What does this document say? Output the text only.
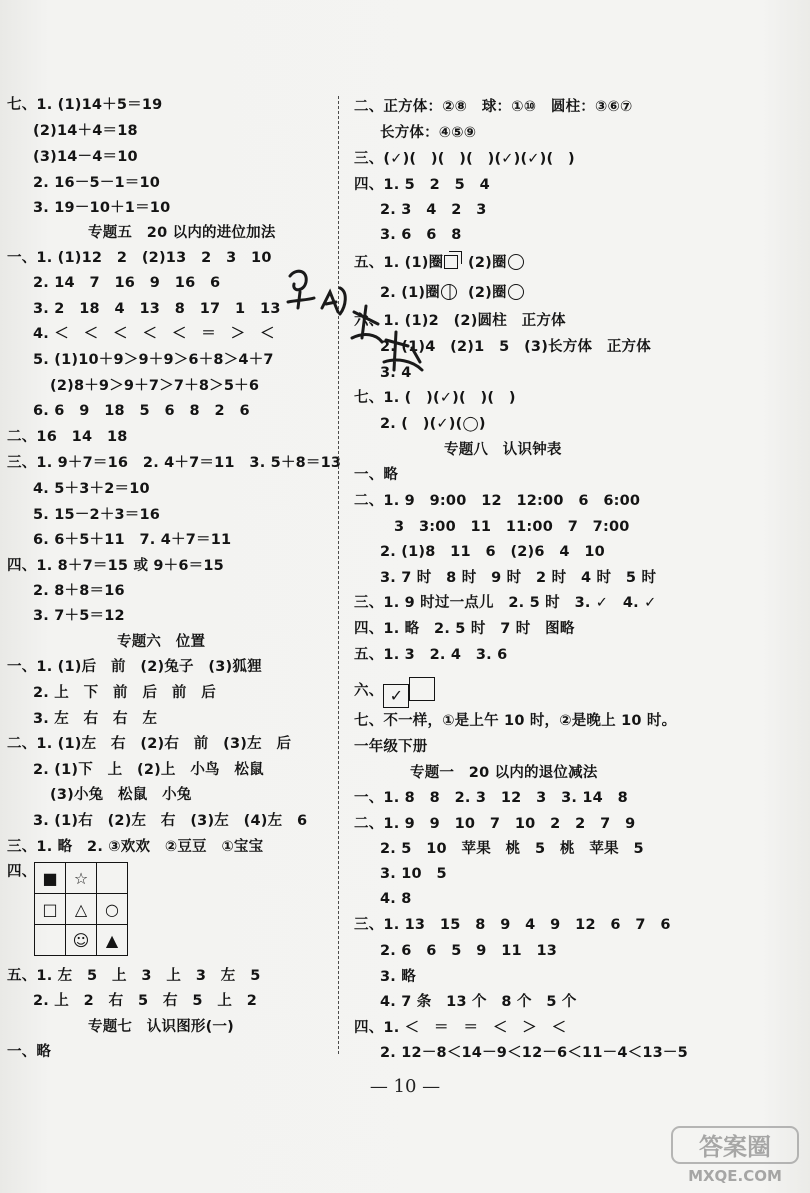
七、1. (1)14＋5＝19
(2)14＋4＝18
(3)14－4＝10
2. 16－5－1＝10
3. 19－10＋1＝10
专题五　20 以内的进位加法
一、1. (1)12　2　(2)13　2　3　10
2. 14　7　16　9　16　6
3. 2　18　4　13　8　17　1　13
4. ＜　＜　＜　＜　＜　＝　＞　＜
5. (1)10＋9＞9＋9＞6＋8＞4＋7
(2)8＋9＞9＋7＞7＋8＞5＋6
6. 6　9　18　5　6　8　2　6
二、16　14　18
三、1. 9＋7＝16　2. 4＋7＝11　3. 5＋8＝13
4. 5＋3＋2＝10
5. 15－2＋3＝16
6. 6＋5＋11　7. 4＋7＝11
四、1. 8＋7＝15 或 9＋6＝15
2. 8＋8＝16
3. 7＋5＝12
专题六　位置
一、1. (1)后　前　(2)兔子　(3)狐狸
2. 上　下　前　后　前　后
3. 左　右　右　左
二、1. (1)左　右　(2)右　前　(3)左　后
2. (1)下　上　(2)上　小鸟　松鼠
(3)小兔　松鼠　小兔
3. (1)右　(2)左　右　(3)左　(4)左　6
三、1. 略　2. ③欢欢　②豆豆　①宝宝
四、 ■	☆	
□	△	○
	☺	▲
五、1. 左　5　上　3　上　3　左　5
2. 上　2　右　5　右　5　上　2
专题七　认识图形(一)
一、略
二、正方体：②⑧　球：①⑩　圆柱：③⑥⑦
长方体：④⑤⑨
三、(✓)(　)(　)(　)(✓)(✓)(　)
四、1. 5　2　5　4
2. 3　4　2　3
3. 6　6　8
五、1. (1)圈	(2)圈
2. (1)圈	(2)圈
六、1. (1)2　(2)圆柱　正方体
2. (1)4　(2)1　5　(3)长方体　正方体
3. 4
七、1. (　)(✓)(　)(　)
2. (　)(✓)(◯)
专题八　认识钟表
一、略
二、1. 9　9:00　12　12:00　6　6:00
3　3:00　11　11:00　7　7:00
2. (1)8　11　6　(2)6　4　10
3. 7 时　8 时　9 时　2 时　4 时　5 时
三、1. 9 时过一点儿　2. 5 时　3. ✓　4. ✓
四、1. 略　2. 5 时　7 时　图略
五、1. 3　2. 4　3. 6
六、 ✓
七、不一样，①是上午 10 时，②是晚上 10 时。
一年级下册
专题一　20 以内的退位减法
一、1. 8　8　2. 3　12　3　3. 14　8
二、1. 9　9　10　7　10　2　2　7　9
2. 5　10　苹果　桃　5　桃　苹果　5
3. 10　5
4. 8
三、1. 13　15　8　9　4　9　12　6　7　6
2. 6　6　5　9　11　13
3. 略
4. 7 条　13 个　8 个　5 个
四、1. ＜　＝　＝　＜　＞　＜
2. 12－8＜14－9＜12－6＜11－4＜13－5
— 10 —
答案圈
MXQE.COM
